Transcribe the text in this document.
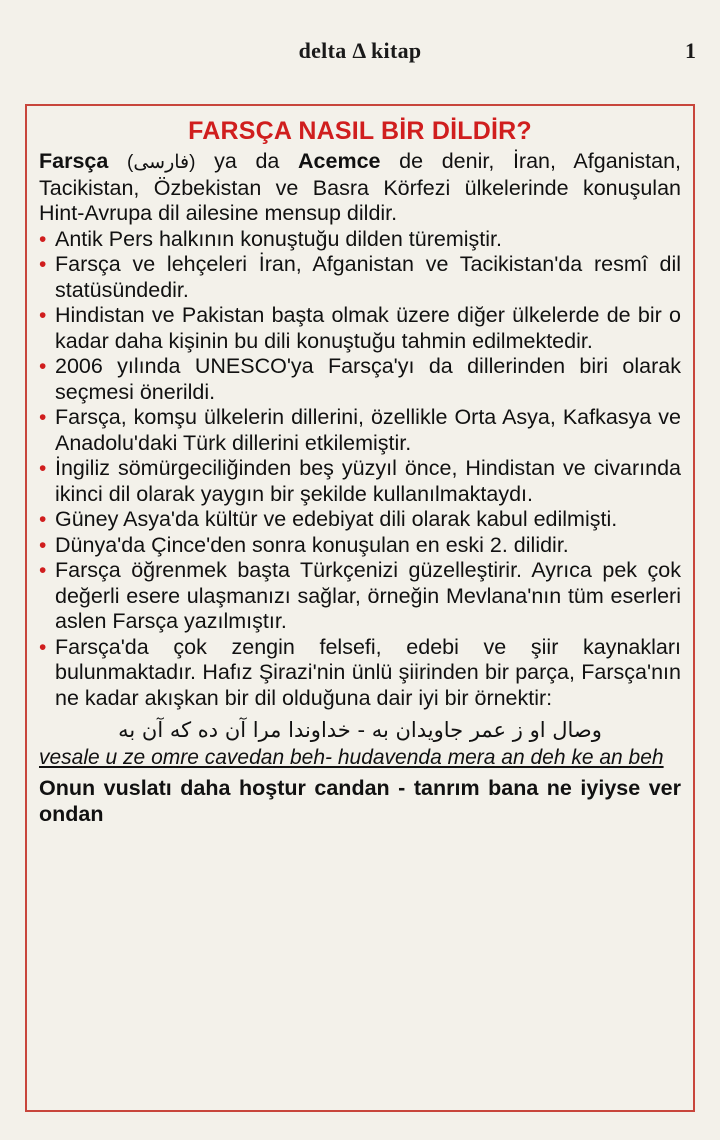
delta Δ kitap	1
FARSÇA NASIL BİR DİLDİR?

Farsça (فارسی) ya da Acemce de denir, İran, Afganistan, Tacikistan, Özbekistan ve Basra Körfezi ülkelerinde konuşulan Hint-Avrupa dil ailesine mensup dildir.

• Antik Pers halkının konuştuğu dilden türemiştir.
• Farsça ve lehçeleri İran, Afganistan ve Tacikistan'da resmî dil statüsündedir.
• Hindistan ve Pakistan başta olmak üzere diğer ülkelerde de bir o kadar daha kişinin bu dili konuştuğu tahmin edilmektedir.
• 2006 yılında UNESCO'ya Farsça'yı da dillerinden biri olarak seçmesi önerildi.
• Farsça, komşu ülkelerin dillerini, özellikle Orta Asya, Kafkasya ve Anadolu'daki Türk dillerini etkilemiştir.
• İngiliz sömürgeciliğinden beş yüzyıl önce, Hindistan ve civarında ikinci dil olarak yaygın bir şekilde kullanılmaktaydı.
• Güney Asya'da kültür ve edebiyat dili olarak kabul edilmişti.
• Dünya'da Çince'den sonra konuşulan en eski 2. dilidir.
• Farsça öğrenmek başta Türkçenizi güzelleştirir. Ayrıca pek çok değerli esere ulaşmanızı sağlar, örneğin Mevlana'nın tüm eserleri aslen Farsça yazılmıştır.
• Farsça'da çok zengin felsefi, edebi ve şiir kaynakları bulunmaktadır. Hafız Şirazi'nin ünlü şiirinden bir parça, Farsça'nın ne kadar akışkan bir dil olduğuna dair iyi bir örnektir:
وصال او ز عمر جاویدان به - خداوندا مرا آن ده که آن به
vesale u ze omre cavedan beh- hudavenda mera an deh ke an beh
Onun vuslatı daha hoştur candan - tanrım bana ne iyiyse ver ondan
